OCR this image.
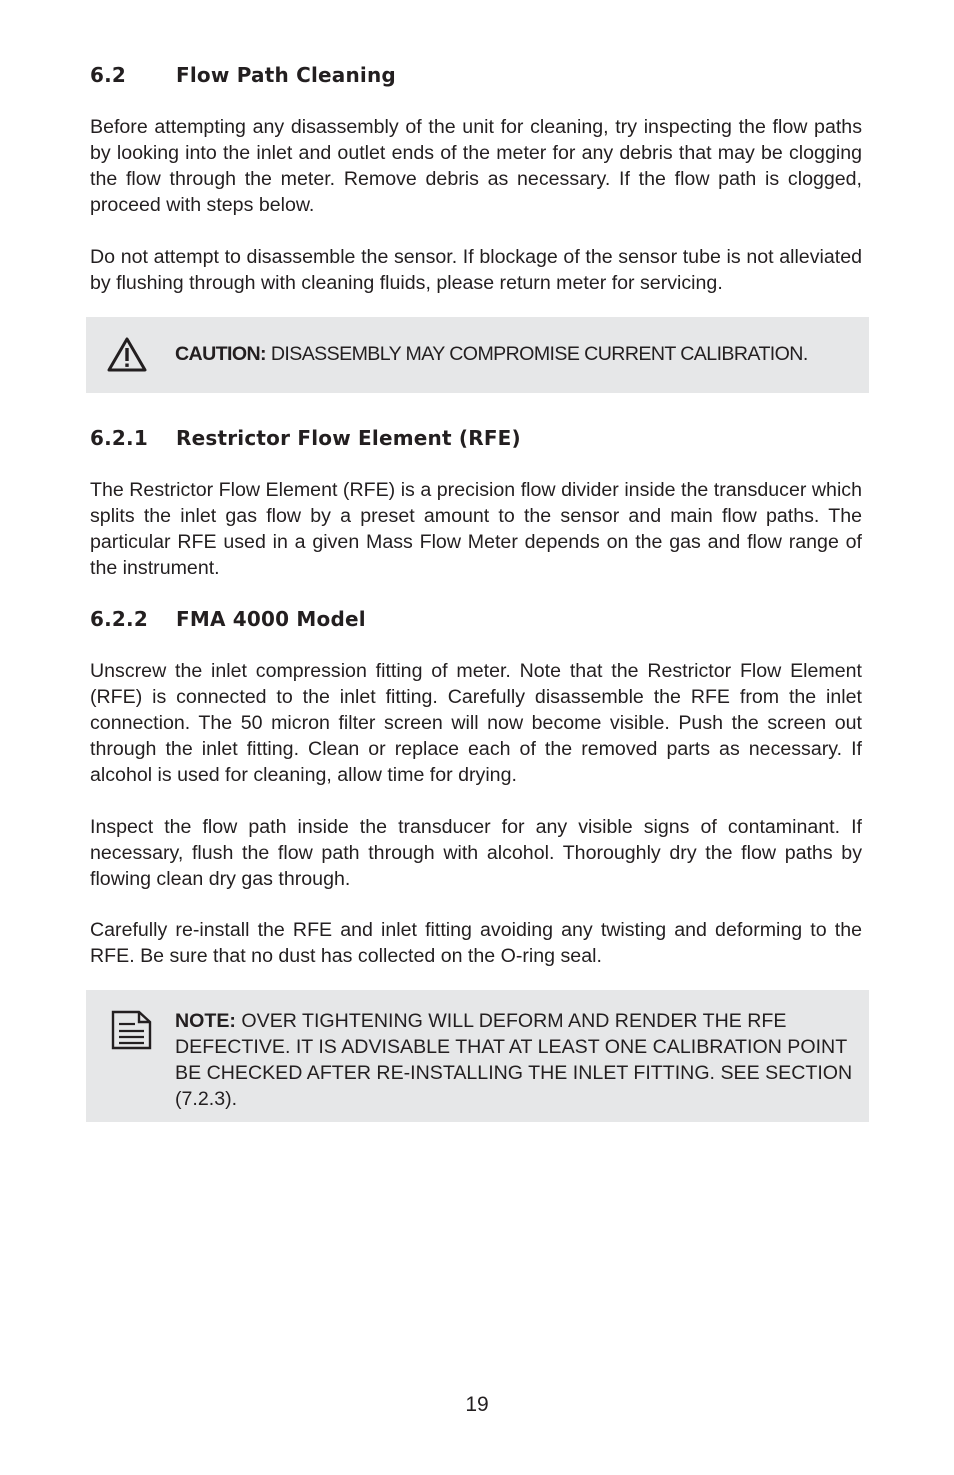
6.2 Flow Path Cleaning

Before attempting any disassembly of the unit for cleaning, try inspecting the flow paths by looking into the inlet and outlet ends of the meter for any debris that may be clogging the flow through the meter. Remove debris as necessary. If the flow path is clogged, proceed with steps below.

Do not attempt to disassemble the sensor. If blockage of the sensor tube is not alleviated by flushing through with cleaning fluids, please return meter for servicing.

CAUTION: DISASSEMBLY MAY COMPROMISE CURRENT CALIBRATION.
6.2.1 Restrictor Flow Element (RFE)

The Restrictor Flow Element (RFE) is a precision flow divider inside the transducer which splits the inlet gas flow by a preset amount to the sensor and main flow paths. The particular RFE used in a given Mass Flow Meter depends on the gas and flow range of the instrument.

6.2.2 FMA 4000 Model

Unscrew the inlet compression fitting of meter. Note that the Restrictor Flow Element (RFE) is connected to the inlet fitting. Carefully disassemble the RFE from the inlet connection. The 50 micron filter screen will now become visible. Push the screen out through the inlet fitting. Clean or replace each of the removed parts as necessary. If alcohol is used for cleaning, allow time for drying.

Inspect the flow path inside the transducer for any visible signs of contaminant. If necessary, flush the flow path through with alcohol. Thoroughly dry the flow paths by flowing clean dry gas through.

Carefully re-install the RFE and inlet fitting avoiding any twisting and deforming to the RFE. Be sure that no dust has collected on the O-ring seal.

NOTE: OVER TIGHTENING WILL DEFORM AND RENDER THE RFE DEFECTIVE. IT IS ADVISABLE THAT AT LEAST ONE CALIBRATION POINT BE CHECKED AFTER RE-INSTALLING THE INLET FITTING. SEE SECTION (7.2.3).
19
